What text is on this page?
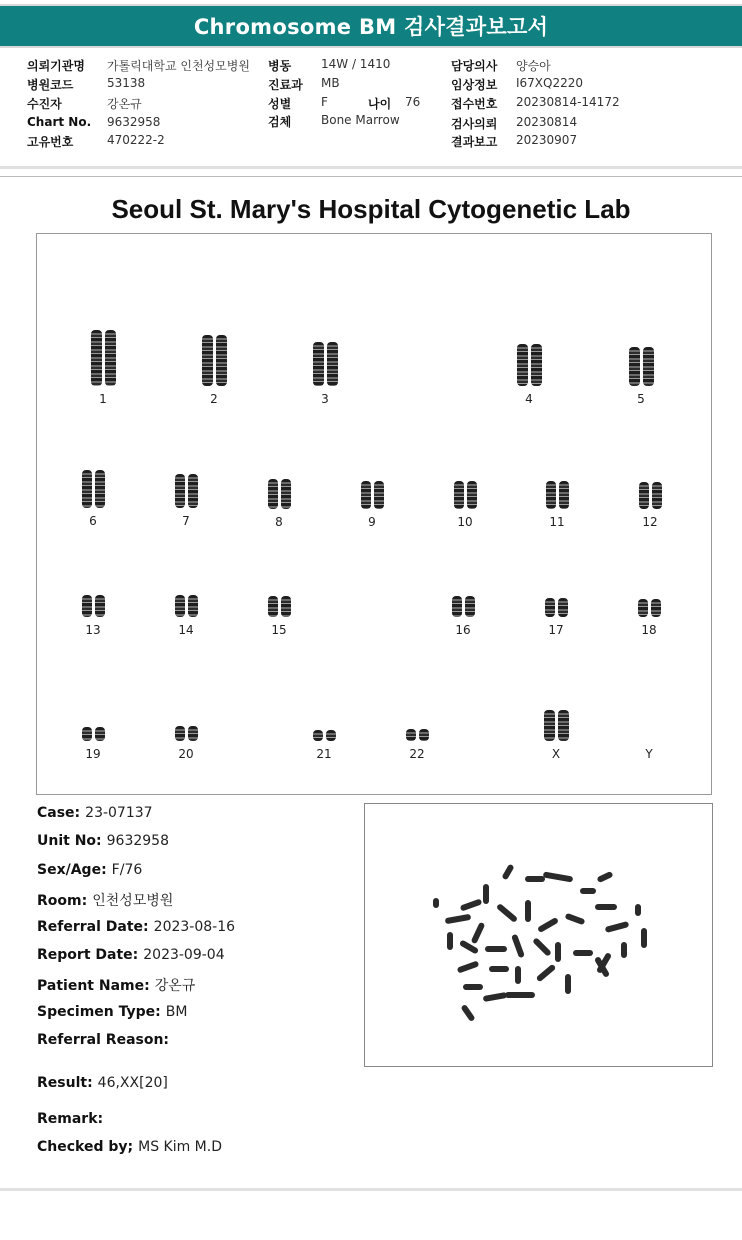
Chromosome BM 검사결과보고서
의뢰기관명 가톨릭대학교 인천성모병원
병원코드	53138
수진자	강온규
Chart No. 9632958
고유번호	470222-2
병동 14W / 1410
진료과 MB
성별 F	나이 76
검체 Bone Marrow
담당의사 양승아
임상정보 I67XQ2220
접수번호 20230814-14172
검사의뢰 20230814
결과보고 20230907
Seoul St. Mary's Hospital Cytogenetic Lab
1	2	3	4	5
6	7	8	9	10	11	12
13	14	15	16	17	18
19	20	21	22	X	Y
Case: 23-07137
Unit No: 9632958
Sex/Age: F/76
Room: 인천성모병원
Referral Date: 2023-08-16
Report Date: 2023-09-04
Patient Name: 강온규
Specimen Type: BM
Referral Reason:
Result: 46,XX[20]
Remark:
Checked by; MS Kim M.D
